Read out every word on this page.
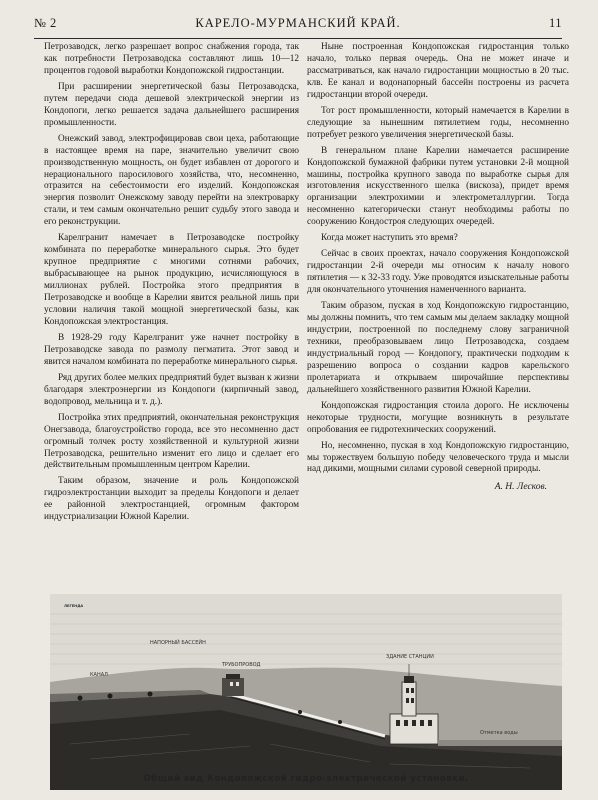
№ 2	КАРЕЛО-МУРМАНСКИЙ КРАЙ.	11

Петрозаводск, легко разрешает вопрос снабжения города, так как потребности Петрозаводска составляют лишь 10—12 процентов годовой выработки Кондопожской гидростанции.

При расширении энергетической базы Петрозаводска, путем передачи сюда дешевой электрической энергии из Кондопоги, легко решается задача дальнейшего расширения промышленности.

Онежский завод, электрофицировав свои цеха, работающие в настоящее время на паре, значительно увеличит свою производственную мощность, он будет избавлен от дорогого и нерационального паросилового хозяйства, что, несомненно, отразится на себестоимости его изделий. Кондопожская энергия позволит Онежскому заводу перейти на электроварку стали, и тем самым окончательно решит судьбу этого завода и его реконструкции.

Карелгранит намечает в Петрозаводске постройку комбината по переработке минерального сырья. Это будет крупное предприятие с многими сотнями рабочих, выбрасывающее на рынок продукцию, исчисляющуюся в миллионах рублей. Постройка этого предприятия в Петрозаводске и вообще в Карелии явится реальной лишь при условии наличия такой мощной энергетической базы, как Кондопожская электростанция.

В 1928-29 году Карелгранит уже начнет постройку в Петрозаводске завода по размолу пегматита. Этот завод и явится началом комбината по переработке минерального сырья.

Ряд других более мелких предприятий будет вызван к жизни благодаря электроэнергии из Кондопоги (кирпичный завод, водопровод, мельница и т. д.).

Постройка этих предприятий, окончательная реконструкция Онегзавода, благоустройство города, все это несомненно даст огромный толчек росту хозяйственной и культурной жизни Петрозаводска, решительно изменит его лицо и сделает его действительным промышленным центром Карелии.

Таким образом, значение и роль Кондопожской гидроэлектростанции выходит за пределы Кондопоги и делает ее районной электростанцией, огромным фактором индустриализации Южной Карелии.

Ныне построенная Кондопожская гидростанция только начало, только первая очередь. Она не может иначе и рассматриваться, как начало гидростанции мощностью в 20 тыс. клв. Ее канал и водонапорный бассейн построены из расчета гидростанции второй очереди.

Тот рост промышленности, который намечается в Карелии в следующие за нынешним пятилетием годы, несомненно потребует резкого увеличения энергетической базы.

В генеральном плане Карелии намечается расширение Кондопожской бумажной фабрики путем установки 2-й мощной машины, постройка крупного завода по выработке сырья для изготовления искусственного шелка (вискоза), придет время организации электрохимии и электрометаллургии. Тогда несомненно категорически станут необходимы работы по сооружению Кондостроя следующих очередей.

Когда может наступить это время?

Сейчас в своих проектах, начало сооружения Кондопожской гидростанции 2-й очереди мы относим к началу нового пятилетия — к 32-33 году. Уже проводятся изыскательные работы для окончательного уточнения наменченного варианта.

Таким образом, пуская в ход Кондопожскую гидростанцию, мы должны помнить, что тем самым мы делаем закладку мощной индустрии, построенной по последнему слову заграничной техники, преобразовываем лицо Петрозаводска, создаем индустриальный город — Кондопогу, практически подходим к разрешению вопроса о создании кадров карельского пролетариата и открываем широчайшие перспективы дальнейшего хозяйственного развития Южной Карелии.

Кондопожская гидростанция стоила дорого. Не исключены некоторые трудности, могущие возникнуть в результате опробования ее гидротехнических сооружений.

Но, несомненно, пуская в ход Кондопожскую гидростанцию, мы торжествуем большую победу человеческого труда и мысли над дикими, мощными силами суровой северной природы.

А. Н. Лесков.
ЛЕГЕНДА
НАПОРНЫЙ БАССЕЙН
ТРУБОПРОВОД
ЗДАНИЕ СТАНЦИИ
КАНАЛ
Отметка воды
Общий вид Кондопожской гидро-электрической установки.
